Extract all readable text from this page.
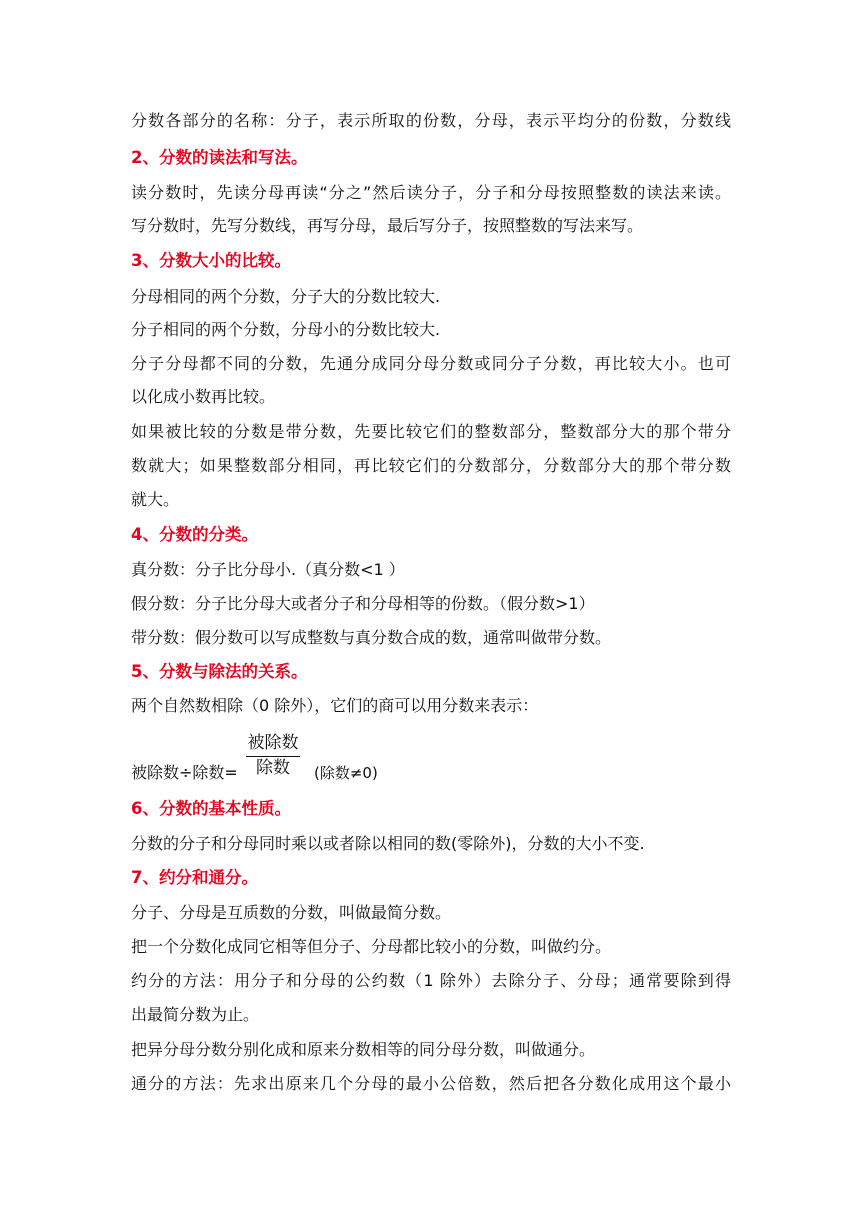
分数各部分的名称：分子，表示所取的份数，分母，表示平均分的份数，分数线
2、分数的读法和写法。
读分数时，先读分母再读“分之”然后读分子，分子和分母按照整数的读法来读。
写分数时，先写分数线，再写分母，最后写分子，按照整数的写法来写。
3、分数大小的比较。
分母相同的两个分数，分子大的分数比较大.
分子相同的两个分数，分母小的分数比较大.
分子分母都不同的分数，先通分成同分母分数或同分子分数，再比较大小。也可
以化成小数再比较。
如果被比较的分数是带分数，先要比较它们的整数部分，整数部分大的那个带分
数就大；如果整数部分相同，再比较它们的分数部分，分数部分大的那个带分数
就大。
4、分数的分类。
真分数：分子比分母小.（真分数<1 ）
假分数：分子比分母大或者分子和分母相等的份数。（假分数>1）
带分数：假分数可以写成整数与真分数合成的数，通常叫做带分数。
5、分数与除法的关系。
两个自然数相除（0 除外），它们的商可以用分数来表示：
被除数
除数
被除数÷除数=	(除数≠0)
6、分数的基本性质。
分数的分子和分母同时乘以或者除以相同的数(零除外)，分数的大小不变.
7、约分和通分。
分子、分母是互质数的分数，叫做最简分数。
把一个分数化成同它相等但分子、分母都比较小的分数，叫做约分。
约分的方法：用分子和分母的公约数（1 除外）去除分子、分母；通常要除到得
出最简分数为止。
把异分母分数分别化成和原来分数相等的同分母分数，叫做通分。
通分的方法：先求出原来几个分母的最小公倍数，然后把各分数化成用这个最小
